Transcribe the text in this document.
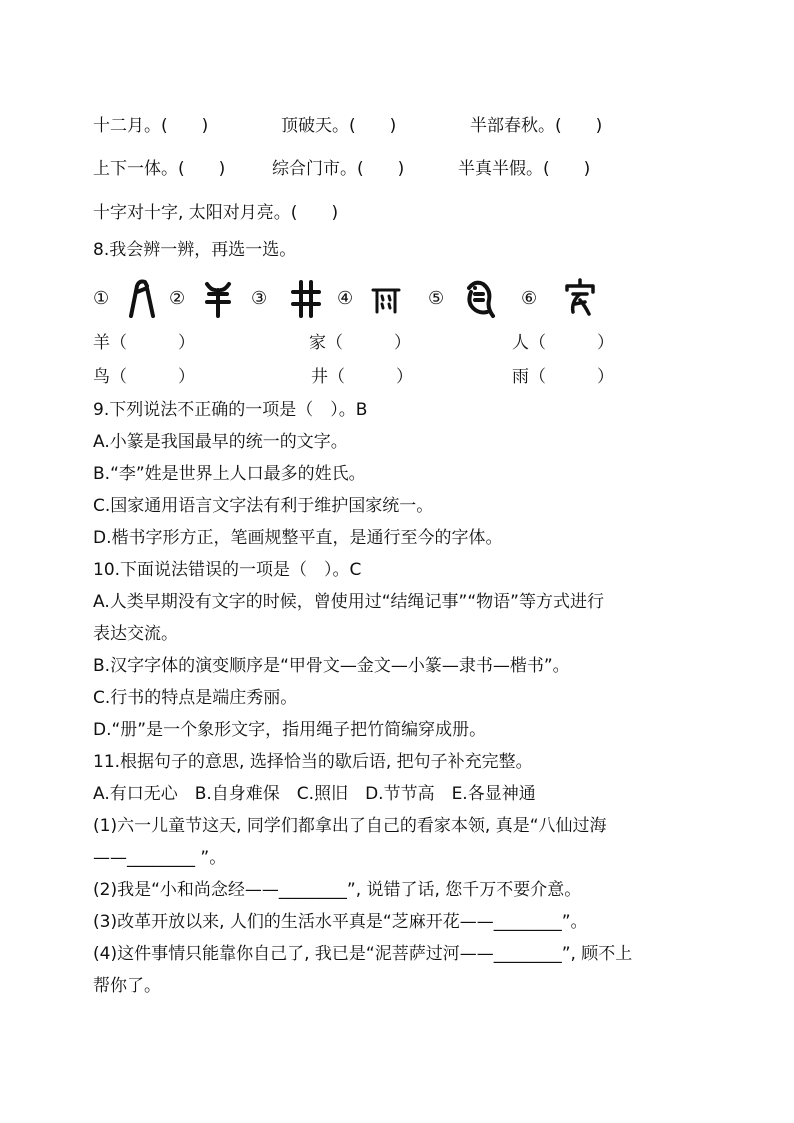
十二月。(　　)	顶破天。(　　)	半部春秋。(　　)
上下一体。(　　)	综合门市。(　　)	半真半假。(　　)
十字对十字, 太阳对月亮。(　　)
8.我会辨一辨，再选一选。
①	②	③	④	⑤	⑥
羊（　　　）	家（　　　）	人（　　　）
鸟（　　　）	井（　　　）	雨（　　　）
9.下列说法不正确的一项是（　）。B
A.小篆是我国最早的统一的文字。
B.“李”姓是世界上人口最多的姓氏。
C.国家通用语言文字法有利于维护国家统一。
D.楷书字形方正，笔画规整平直，是通行至今的字体。
10.下面说法错误的一项是（　）。C
A.人类早期没有文字的时候，曾使用过“结绳记事”“物语”等方式进行
表达交流。
B.汉字字体的演变顺序是“甲骨文—金文—小篆—隶书—楷书”。
C.行书的特点是端庄秀丽。
D.“册”是一个象形文字，指用绳子把竹简编穿成册。
11.根据句子的意思, 选择恰当的歇后语, 把句子补充完整。
A.有口无心　B.自身难保　C.照旧　D.节节高　E.各显神通
(1)六一儿童节这天, 同学们都拿出了自己的看家本领, 真是“八仙过海
——________ ”。
(2)我是“小和尚念经——________”, 说错了话, 您千万不要介意。
(3)改革开放以来, 人们的生活水平真是“芝麻开花——________”。
(4)这件事情只能靠你自己了, 我已是“泥菩萨过河——________”, 顾不上
帮你了。
